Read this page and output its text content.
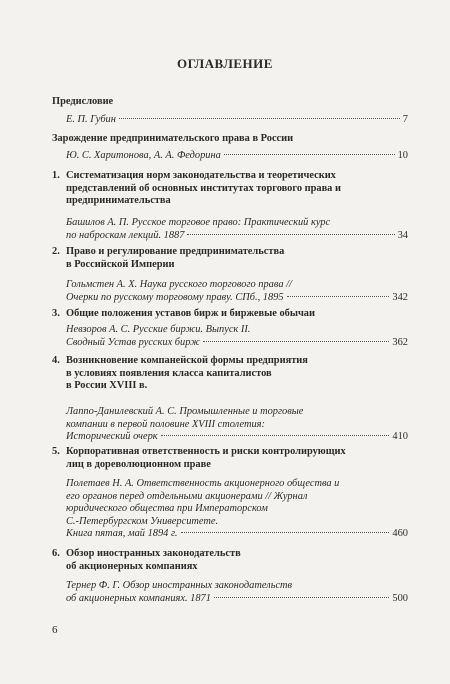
ОГЛАВЛЕНИЕ
Предисловие
Е. П. Губин	7
Зарождение предпринимательского права в России
Ю. С. Харитонова, А. А. Федорина	10
1. Систематизация норм законодательства и теоретических
представлений об основных институтах торгового права и
предпринимательства
Башилов А. П. Русское торговое право: Практический курс
по наброскам лекций. 1887	34
2. Право и регулирование предпринимательства
в Российской Империи
Гольмстен А. Х. Наука русского торгового права //
Очерки по русскому торговому праву. СПб., 1895	342
3. Общие положения уставов бирж и биржевые обычаи
Невзоров А. С. Русские биржи. Выпуск II.
Сводный Устав русских бирж	362
4. Возникновение компанейской формы предприятия
в условиях появления класса капиталистов
в России XVIII в.
Лаппо-Данилевский А. С. Промышленные и торговые
компании в первой половине XVIII столетия:
Исторический очерк	410
5. Корпоративная ответственность и риски контролирующих
лиц в дореволюционном праве
Полетаев Н. А. Ответственность акционерного общества и
его органов перед отдельными акционерами // Журнал
юридического общества при Императорском
С.-Петербургском Университете.
Книга пятая, май 1894 г.	460
6. Обзор иностранных законодательств
об акционерных компаниях
Тернер Ф. Г. Обзор иностранных законодательств
об акционерных компаниях. 1871	500
6
